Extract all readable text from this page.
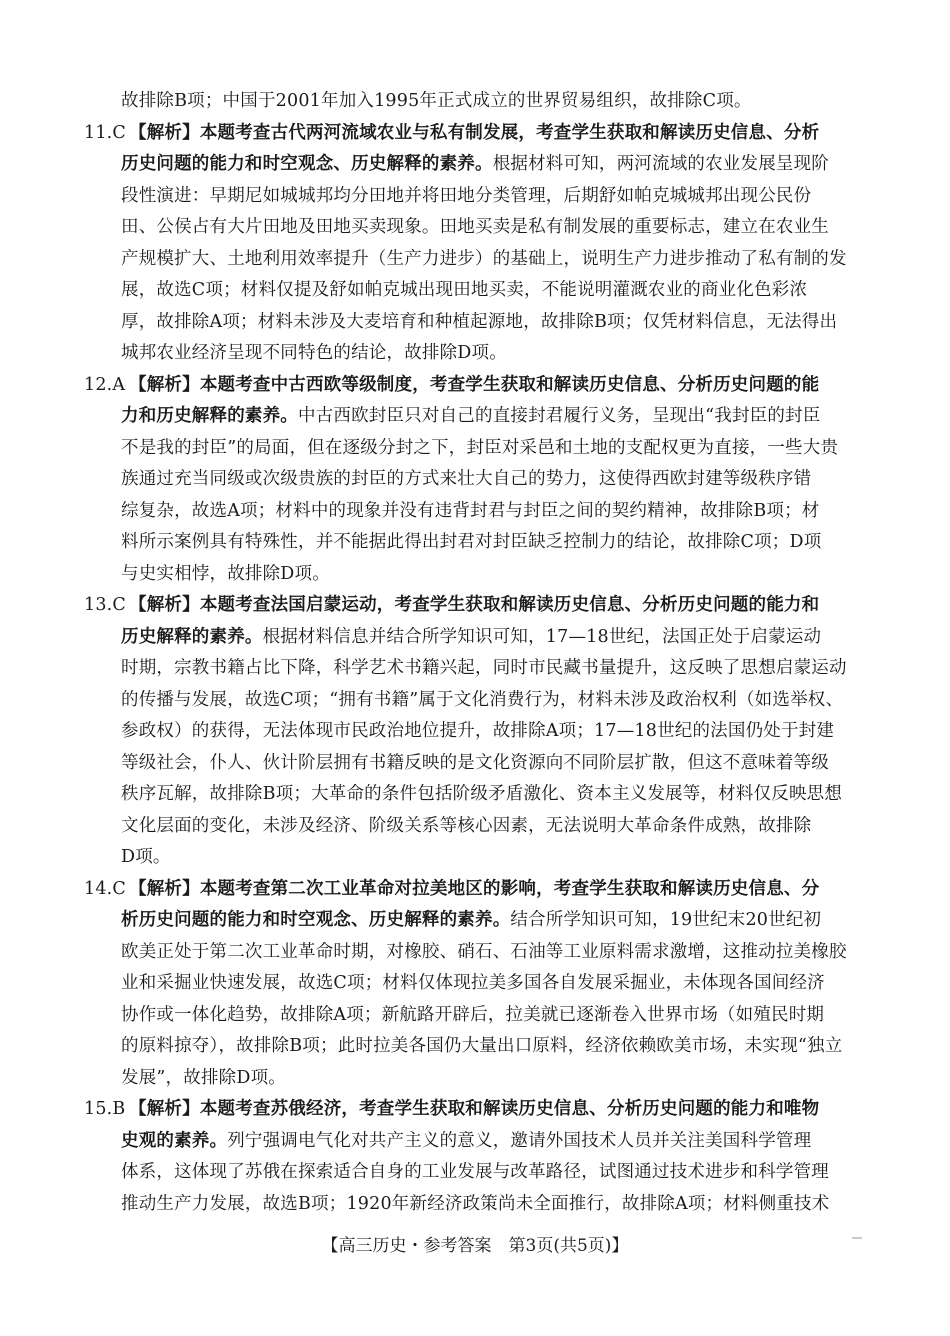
故排除B项；中国于2001年加入1995年正式成立的世界贸易组织，故排除C项。
11.C 【解析】本题考查古代两河流域农业与私有制发展，考查学生获取和解读历史信息、分析
历史问题的能力和时空观念、历史解释的素养。根据材料可知，两河流域的农业发展呈现阶
段性演进：早期尼如城城邦均分田地并将田地分类管理，后期舒如帕克城城邦出现公民份
田、公侯占有大片田地及田地买卖现象。田地买卖是私有制发展的重要标志，建立在农业生
产规模扩大、土地利用效率提升（生产力进步）的基础上，说明生产力进步推动了私有制的发
展，故选C项；材料仅提及舒如帕克城出现田地买卖，不能说明灌溉农业的商业化色彩浓
厚，故排除A项；材料未涉及大麦培育和种植起源地，故排除B项；仅凭材料信息，无法得出
城邦农业经济呈现不同特色的结论，故排除D项。
12.A 【解析】本题考查中古西欧等级制度，考查学生获取和解读历史信息、分析历史问题的能
力和历史解释的素养。中古西欧封臣只对自己的直接封君履行义务，呈现出“我封臣的封臣
不是我的封臣”的局面，但在逐级分封之下，封臣对采邑和土地的支配权更为直接，一些大贵
族通过充当同级或次级贵族的封臣的方式来壮大自己的势力，这使得西欧封建等级秩序错
综复杂，故选A项；材料中的现象并没有违背封君与封臣之间的契约精神，故排除B项；材
料所示案例具有特殊性，并不能据此得出封君对封臣缺乏控制力的结论，故排除C项；D项
与史实相悖，故排除D项。
13.C 【解析】本题考查法国启蒙运动，考查学生获取和解读历史信息、分析历史问题的能力和
历史解释的素养。根据材料信息并结合所学知识可知，17—18世纪，法国正处于启蒙运动
时期，宗教书籍占比下降，科学艺术书籍兴起，同时市民藏书量提升，这反映了思想启蒙运动
的传播与发展，故选C项；“拥有书籍”属于文化消费行为，材料未涉及政治权利（如选举权、
参政权）的获得，无法体现市民政治地位提升，故排除A项；17—18世纪的法国仍处于封建
等级社会，仆人、伙计阶层拥有书籍反映的是文化资源向不同阶层扩散，但这不意味着等级
秩序瓦解，故排除B项；大革命的条件包括阶级矛盾激化、资本主义发展等，材料仅反映思想
文化层面的变化，未涉及经济、阶级关系等核心因素，无法说明大革命条件成熟，故排除
D项。
14.C 【解析】本题考查第二次工业革命对拉美地区的影响，考查学生获取和解读历史信息、分
析历史问题的能力和时空观念、历史解释的素养。结合所学知识可知，19世纪末20世纪初
欧美正处于第二次工业革命时期，对橡胶、硝石、石油等工业原料需求激增，这推动拉美橡胶
业和采掘业快速发展，故选C项；材料仅体现拉美多国各自发展采掘业，未体现各国间经济
协作或一体化趋势，故排除A项；新航路开辟后，拉美就已逐渐卷入世界市场（如殖民时期
的原料掠夺），故排除B项；此时拉美各国仍大量出口原料，经济依赖欧美市场，未实现“独立
发展”，故排除D项。
15.B 【解析】本题考查苏俄经济，考查学生获取和解读历史信息、分析历史问题的能力和唯物
史观的素养。列宁强调电气化对共产主义的意义，邀请外国技术人员并关注美国科学管理
体系，这体现了苏俄在探索适合自身的工业发展与改革路径，试图通过技术进步和科学管理
推动生产力发展，故选B项；1920年新经济政策尚未全面推行，故排除A项；材料侧重技术
【高三历史・参考答案　第3页(共5页)】
